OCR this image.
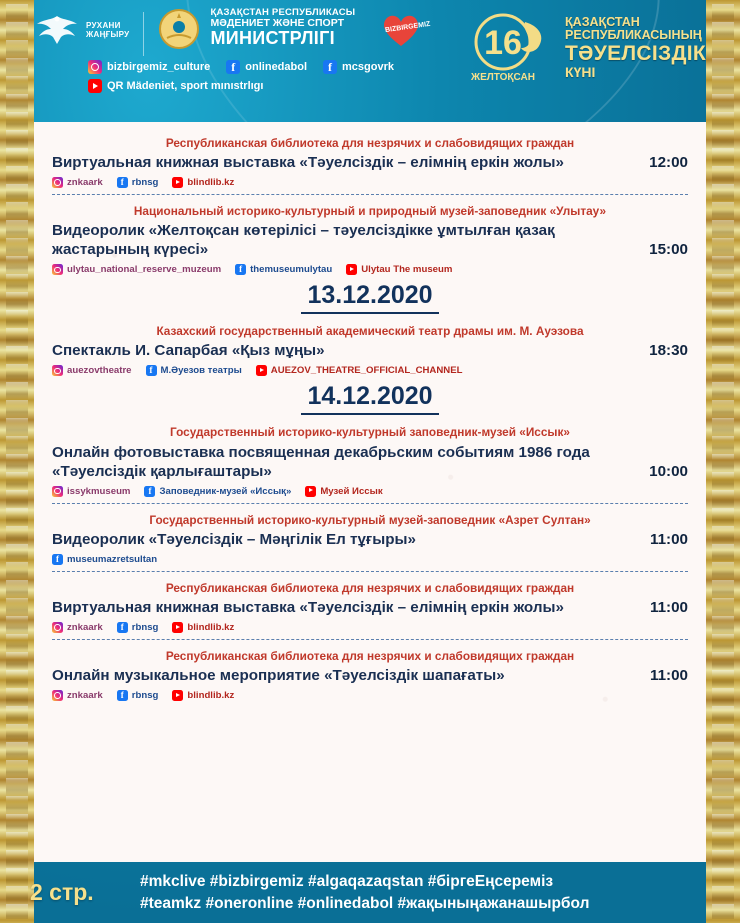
РУХАНИ
ЖАҢҒЫРУ
ҚАЗАҚСТАН РЕСПУБЛИКАСЫ
МӘДЕНИЕТ ЖӘНЕ СПОРТ
МИНИСТРЛІГІ
BIZBIRGEMIZ
bizbirgemiz_culture	f onlinedabol	f mcsgovrk
QR Mädeniet, sport mınıstrlıgı
16
ЖЕЛТОҚСАН
ҚАЗАҚСТАН
РЕСПУБЛИКАСЫНЫҢ
ТӘУЕЛСІЗДІК
КҮНІ
Республиканская библиотека для незрячих и слабовидящих граждан
Виртуальная книжная выставка «Тәуелсіздік – елімнің еркін жолы»	12:00
znkaark	f rbnsg	blindlib.kz
Национальный историко-культурный и природный музей-заповедник «Улытау»
Видеоролик «Желтоқсан көтерілісі – тәуелсіздікке ұмтылған қазақ жастарының күресі»	15:00
ulytau_national_reserve_muzeum	f themuseumulytau	Ulytau The museum
13.12.2020
Казахский государственный академический театр драмы им. М. Ауэзова
Спектакль И. Сапарбая «Қыз мұңы»	18:30
auezovtheatre	f М.Әуезов театры	AUEZOV_THEATRE_OFFICIAL_CHANNEL
14.12.2020
Государственный историко-культурный заповедник-музей «Иссык»
Онлайн фотовыставка посвященная декабрьским событиям 1986 года «Тәуелсіздік қарлығаштары»	10:00
issykmuseum	f Заповедник-музей «Иссық»	Музей Иссык
Государственный историко-культурный музей-заповедник «Азрет Султан»
Видеоролик «Тәуелсіздік – Мәңгілік Ел тұғыры»	11:00
f museumazretsultan
Республиканская библиотека для незрячих и слабовидящих граждан
Виртуальная книжная выставка «Тәуелсіздік – елімнің еркін жолы»	11:00
znkaark	f rbnsg	blindlib.kz
Республиканская библиотека для незрячих и слабовидящих граждан
Онлайн музыкальное мероприятие «Тәуелсіздік шапағаты»	11:00
znkaark	f rbnsg	blindlib.kz
2 стр.	#mkclive #bizbirgemiz #algaqazaqstan #біргеЕңсереміз
#teamkz #oneronline #onlinedabol #жақыныңажанашырбол
